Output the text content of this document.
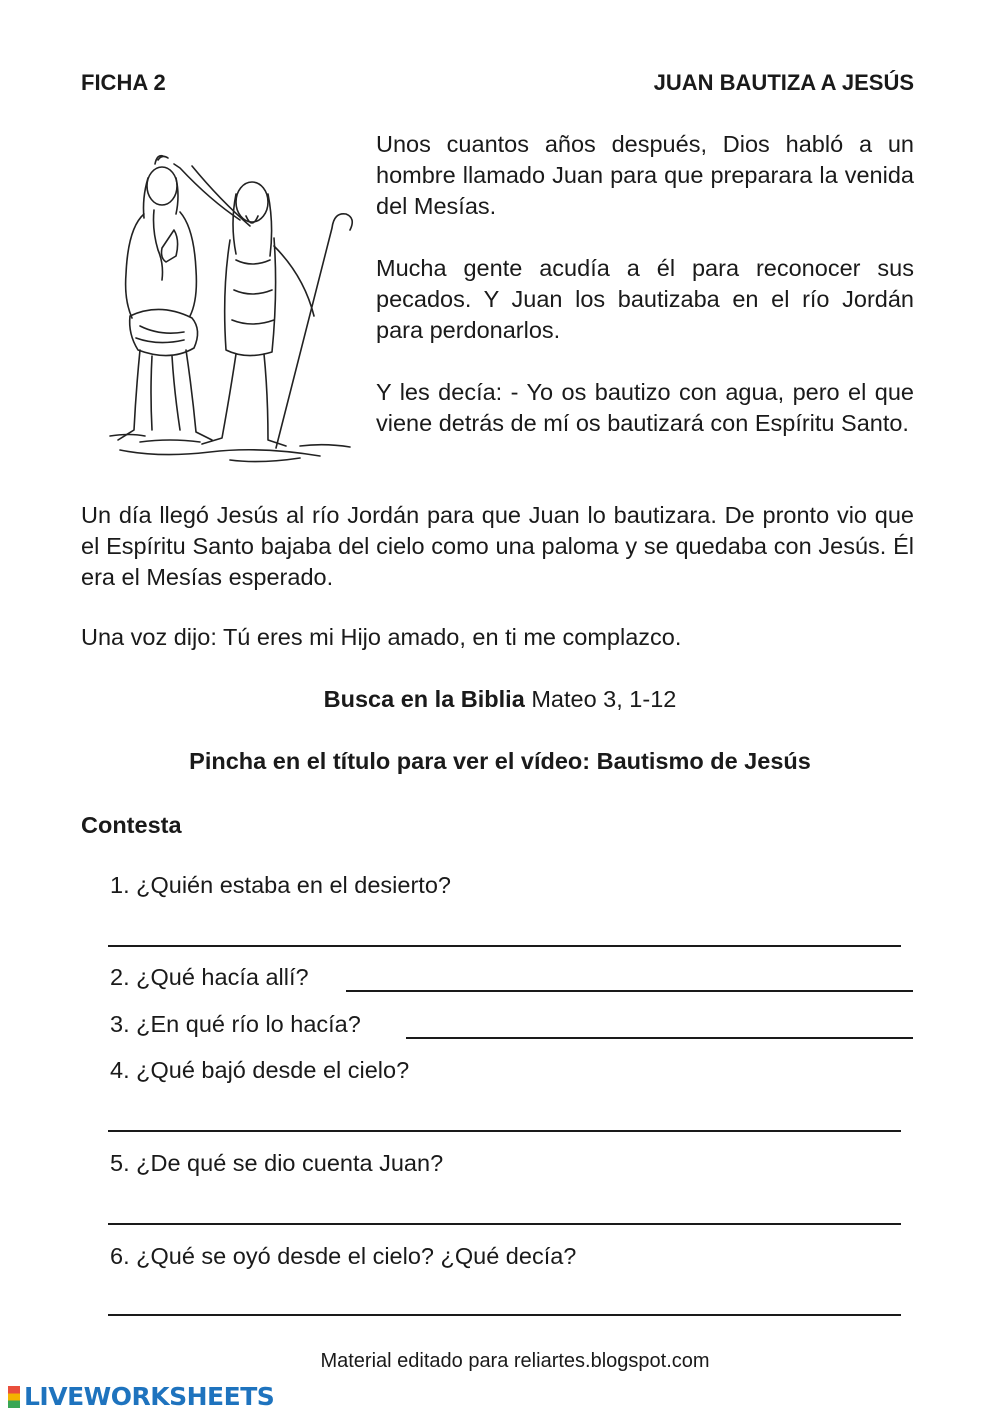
FICHA 2	JUAN BAUTIZA A JESÚS

Unos cuantos años después, Dios habló a un hombre llamado Juan para que preparara la venida del Mesías.

Mucha gente acudía a él para reconocer sus pecados. Y Juan los bautizaba en el río Jordán para perdonarlos.

Y les decía: - Yo os bautizo con agua, pero el que viene detrás de mí os bautizará con Espíritu Santo.

Un día llegó Jesús al río Jordán para que Juan lo bautizara. De pronto vio que el Espíritu Santo bajaba del cielo como una paloma y se quedaba con Jesús. Él era el Mesías esperado.
Una voz dijo: Tú eres mi Hijo amado, en ti me complazco.
Busca en la Biblia Mateo 3, 1-12
Pincha en el título para ver el vídeo: Bautismo de Jesús
Contesta
1. ¿Quién estaba en el desierto?
2. ¿Qué hacía allí?
3. ¿En qué río lo hacía?
4. ¿Qué bajó desde el cielo?
5. ¿De qué se dio cuenta Juan?
6. ¿Qué se oyó desde el cielo? ¿Qué decía?
Material editado para reliartes.blogspot.com
LIVEWORKSHEETS
